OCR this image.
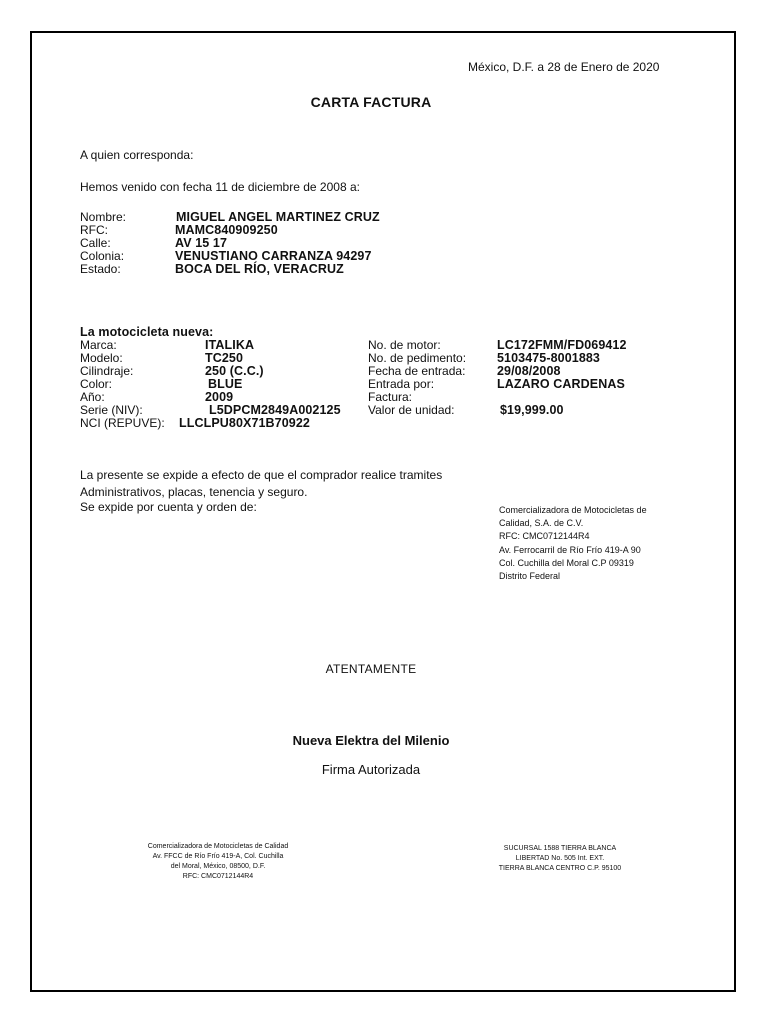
México, D.F. a 28 de Enero de 2020
CARTA FACTURA
A quien corresponda:
Hemos venido con fecha 11 de diciembre de 2008 a:
Nombre:	MIGUEL ANGEL MARTINEZ CRUZ
RFC:	MAMC840909250
Calle:	AV 15 17
Colonia:	VENUSTIANO CARRANZA 94297
Estado:	BOCA DEL RÍO, VERACRUZ
La motocicleta nueva:
Marca:	ITALIKA	No. de motor:	LC172FMM/FD069412
Modelo:	TC250	No. de pedimento: 5103475-8001883
Cilindraje:	250 (C.C.)	Fecha de entrada:	29/08/2008
Color:	BLUE	Entrada por:	LAZARO CARDENAS
Año:	2009	Factura:
Serie (NIV):	L5DPCM2849A002125 Valor de unidad:	$19,999.00
NCI (REPUVE): LLCLPU80X71B70922
La presente se expide a efecto de que el comprador realice tramites
Administrativos, placas, tenencia y seguro.
Se expide por cuenta y orden de:	Comercializadora de Motocicletas de
Calidad, S.A. de C.V.
RFC: CMC0712144R4
Av. Ferrocarril de Río Frío 419-A 90
Col. Cuchilla del Moral C.P 09319
Distrito Federal
ATENTAMENTE
Nueva Elektra del Milenio
Firma Autorizada
Comercializadora de Motocicletas de Calidad
Av. FFCC de Río Frío 419-A, Col. Cuchilla
del Moral, México, 08500, D.F.
RFC: CMC0712144R4
SUCURSAL 1588 TIERRA BLANCA
LIBERTAD No. 505 Int. EXT.
TIERRA BLANCA CENTRO C.P. 95100
